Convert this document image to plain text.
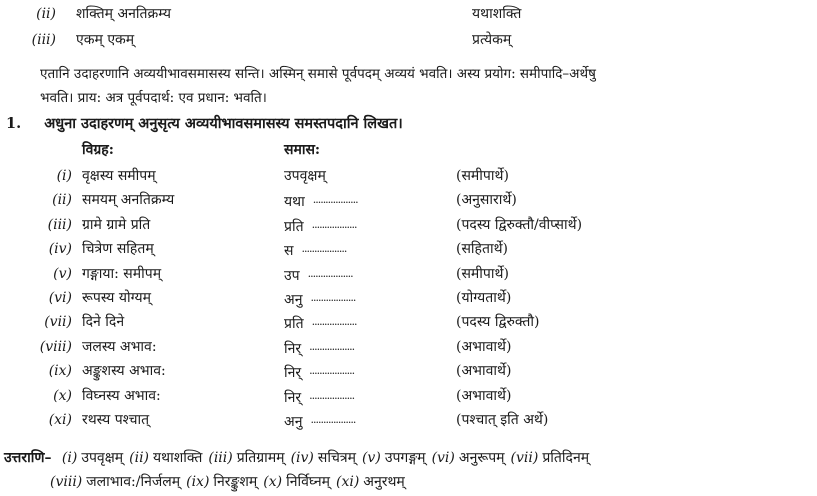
(ii) शक्तिम् अनतिक्रम्य	यथाशक्ति
(iii) एकम् एकम्	प्रत्येकम्
एतानि उदाहरणानि अव्ययीभावसमासस्य सन्ति। अस्मिन् समासे पूर्वपदम् अव्ययं भवति। अस्य प्रयोग: समीपादि–अर्थेषु
भवति। प्राय: अत्र पूर्वपदार्थ: एव प्रधान: भवति।
1. अधुना उदाहरणम् अनुसृत्य अव्ययीभावसमासस्य समस्तपदानि लिखत।
विग्रह:	समास:
(i) वृक्षस्य समीपम्	उपवृक्षम्	(समीपार्थे)
(ii) समयम् अनतिक्रम्य	यथा ..................	(अनुसारार्थे)
(iii) ग्रामे ग्रामे प्रति	प्रति ..................	(पदस्य द्विरुक्तौ/वीप्सार्थे)
(iv) चित्रेण सहितम्	स ..................	(सहितार्थे)
(v) गङ्गाया: समीपम्	उप ..................	(समीपार्थे)
(vi) रूपस्य योग्यम्	अनु ..................	(योग्यतार्थे)
(vii) दिने दिने	प्रति ..................	(पदस्य द्विरुक्तौ)
(viii) जलस्य अभाव:	निर् ..................	(अभावार्थे)
(ix) अङ्कुशस्य अभाव:	निर् ..................	(अभावार्थे)
(x) विघ्नस्य अभाव:	निर् ..................	(अभावार्थे)
(xi) रथस्य पश्चात्	अनु ..................	(पश्चात् इति अर्थे)
उत्तराणि– (i) उपवृक्षम् (ii) यथाशक्ति (iii) प्रतिग्रामम् (iv) सचित्रम् (v) उपगङ्गम् (vi) अनुरूपम् (vii) प्रतिदिनम्
(viii) जलाभाव:/निर्जलम् (ix) निरङ्कुशम् (x) निर्विघ्नम् (xi) अनुरथम्
